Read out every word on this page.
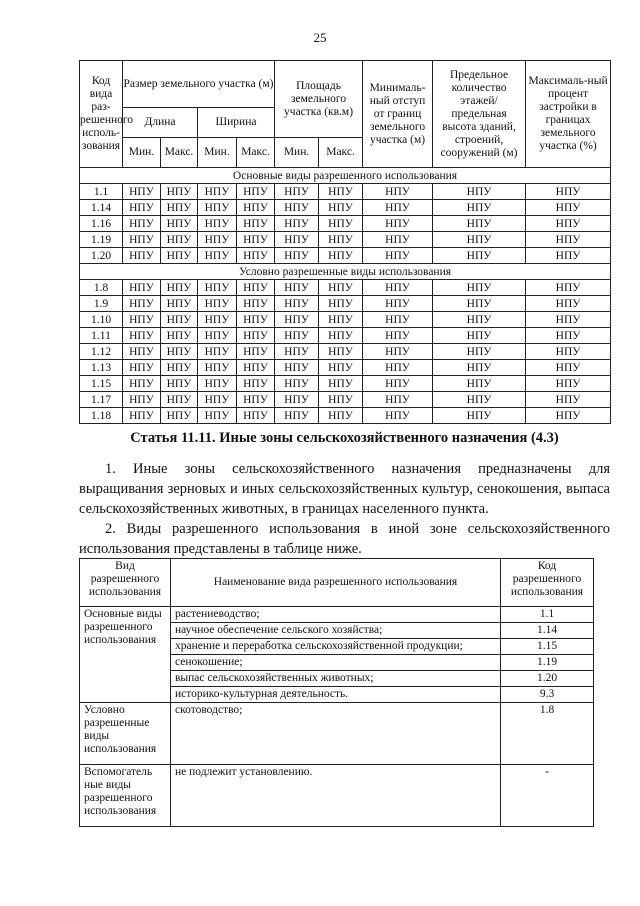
25
Код вида раз-решенного исполь-зования	Размер земельного участка (м)				Площадь земельного участка (кв.м)		Минималь-ный отступ от границ земельного участка (м)	Предельное количество этажей/ предельная высота зданий, строений, сооружений (м)	Максималь-ный процент застройки в границах земельного участка (%)
	Длина		Ширина						
	Мин.	Макс.	Мин.	Макс.	Мин.	Макс.			
Основные виды разрешенного использования									
1.1	НПУ	НПУ	НПУ	НПУ	НПУ	НПУ	НПУ	НПУ	НПУ
1.14	НПУ	НПУ	НПУ	НПУ	НПУ	НПУ	НПУ	НПУ	НПУ
1.16	НПУ	НПУ	НПУ	НПУ	НПУ	НПУ	НПУ	НПУ	НПУ
1.19	НПУ	НПУ	НПУ	НПУ	НПУ	НПУ	НПУ	НПУ	НПУ
1.20	НПУ	НПУ	НПУ	НПУ	НПУ	НПУ	НПУ	НПУ	НПУ
Условно разрешенные виды использования									
1.8	НПУ	НПУ	НПУ	НПУ	НПУ	НПУ	НПУ	НПУ	НПУ
1.9	НПУ	НПУ	НПУ	НПУ	НПУ	НПУ	НПУ	НПУ	НПУ
1.10	НПУ	НПУ	НПУ	НПУ	НПУ	НПУ	НПУ	НПУ	НПУ
1.11	НПУ	НПУ	НПУ	НПУ	НПУ	НПУ	НПУ	НПУ	НПУ
1.12	НПУ	НПУ	НПУ	НПУ	НПУ	НПУ	НПУ	НПУ	НПУ
1.13	НПУ	НПУ	НПУ	НПУ	НПУ	НПУ	НПУ	НПУ	НПУ
1.15	НПУ	НПУ	НПУ	НПУ	НПУ	НПУ	НПУ	НПУ	НПУ
1.17	НПУ	НПУ	НПУ	НПУ	НПУ	НПУ	НПУ	НПУ	НПУ
1.18	НПУ	НПУ	НПУ	НПУ	НПУ	НПУ	НПУ	НПУ	НПУ
Статья 11.11. Иные зоны сельскохозяйственного назначения (4.3)

1. Иные зоны сельскохозяйственного назначения предназначены для выращивания зерновых и иных сельскохозяйственных культур, сенокошения, выпаса сельскохозяйственных животных, в границах населенного пункта.

2. Виды разрешенного использования в иной зоне сельскохозяйственного использования представлены в таблице ниже.

Вид разрешенного использования	Наименование вида разрешенного использования	Код разрешенного использования
Основные виды разрешенного использования	растениеводство;	1.1
	научное обеспечение сельского хозяйства;	1.14
	хранение и переработка сельскохозяйственной продукции;	1.15
	сенокошение;	1.19
	выпас сельскохозяйственных животных;	1.20
	историко-культурная деятельность.	9.3
Условно разрешенные виды использования	скотоводство;	1.8
Вспомогатель ные виды разрешенного использования	не подлежит установлению.	-
